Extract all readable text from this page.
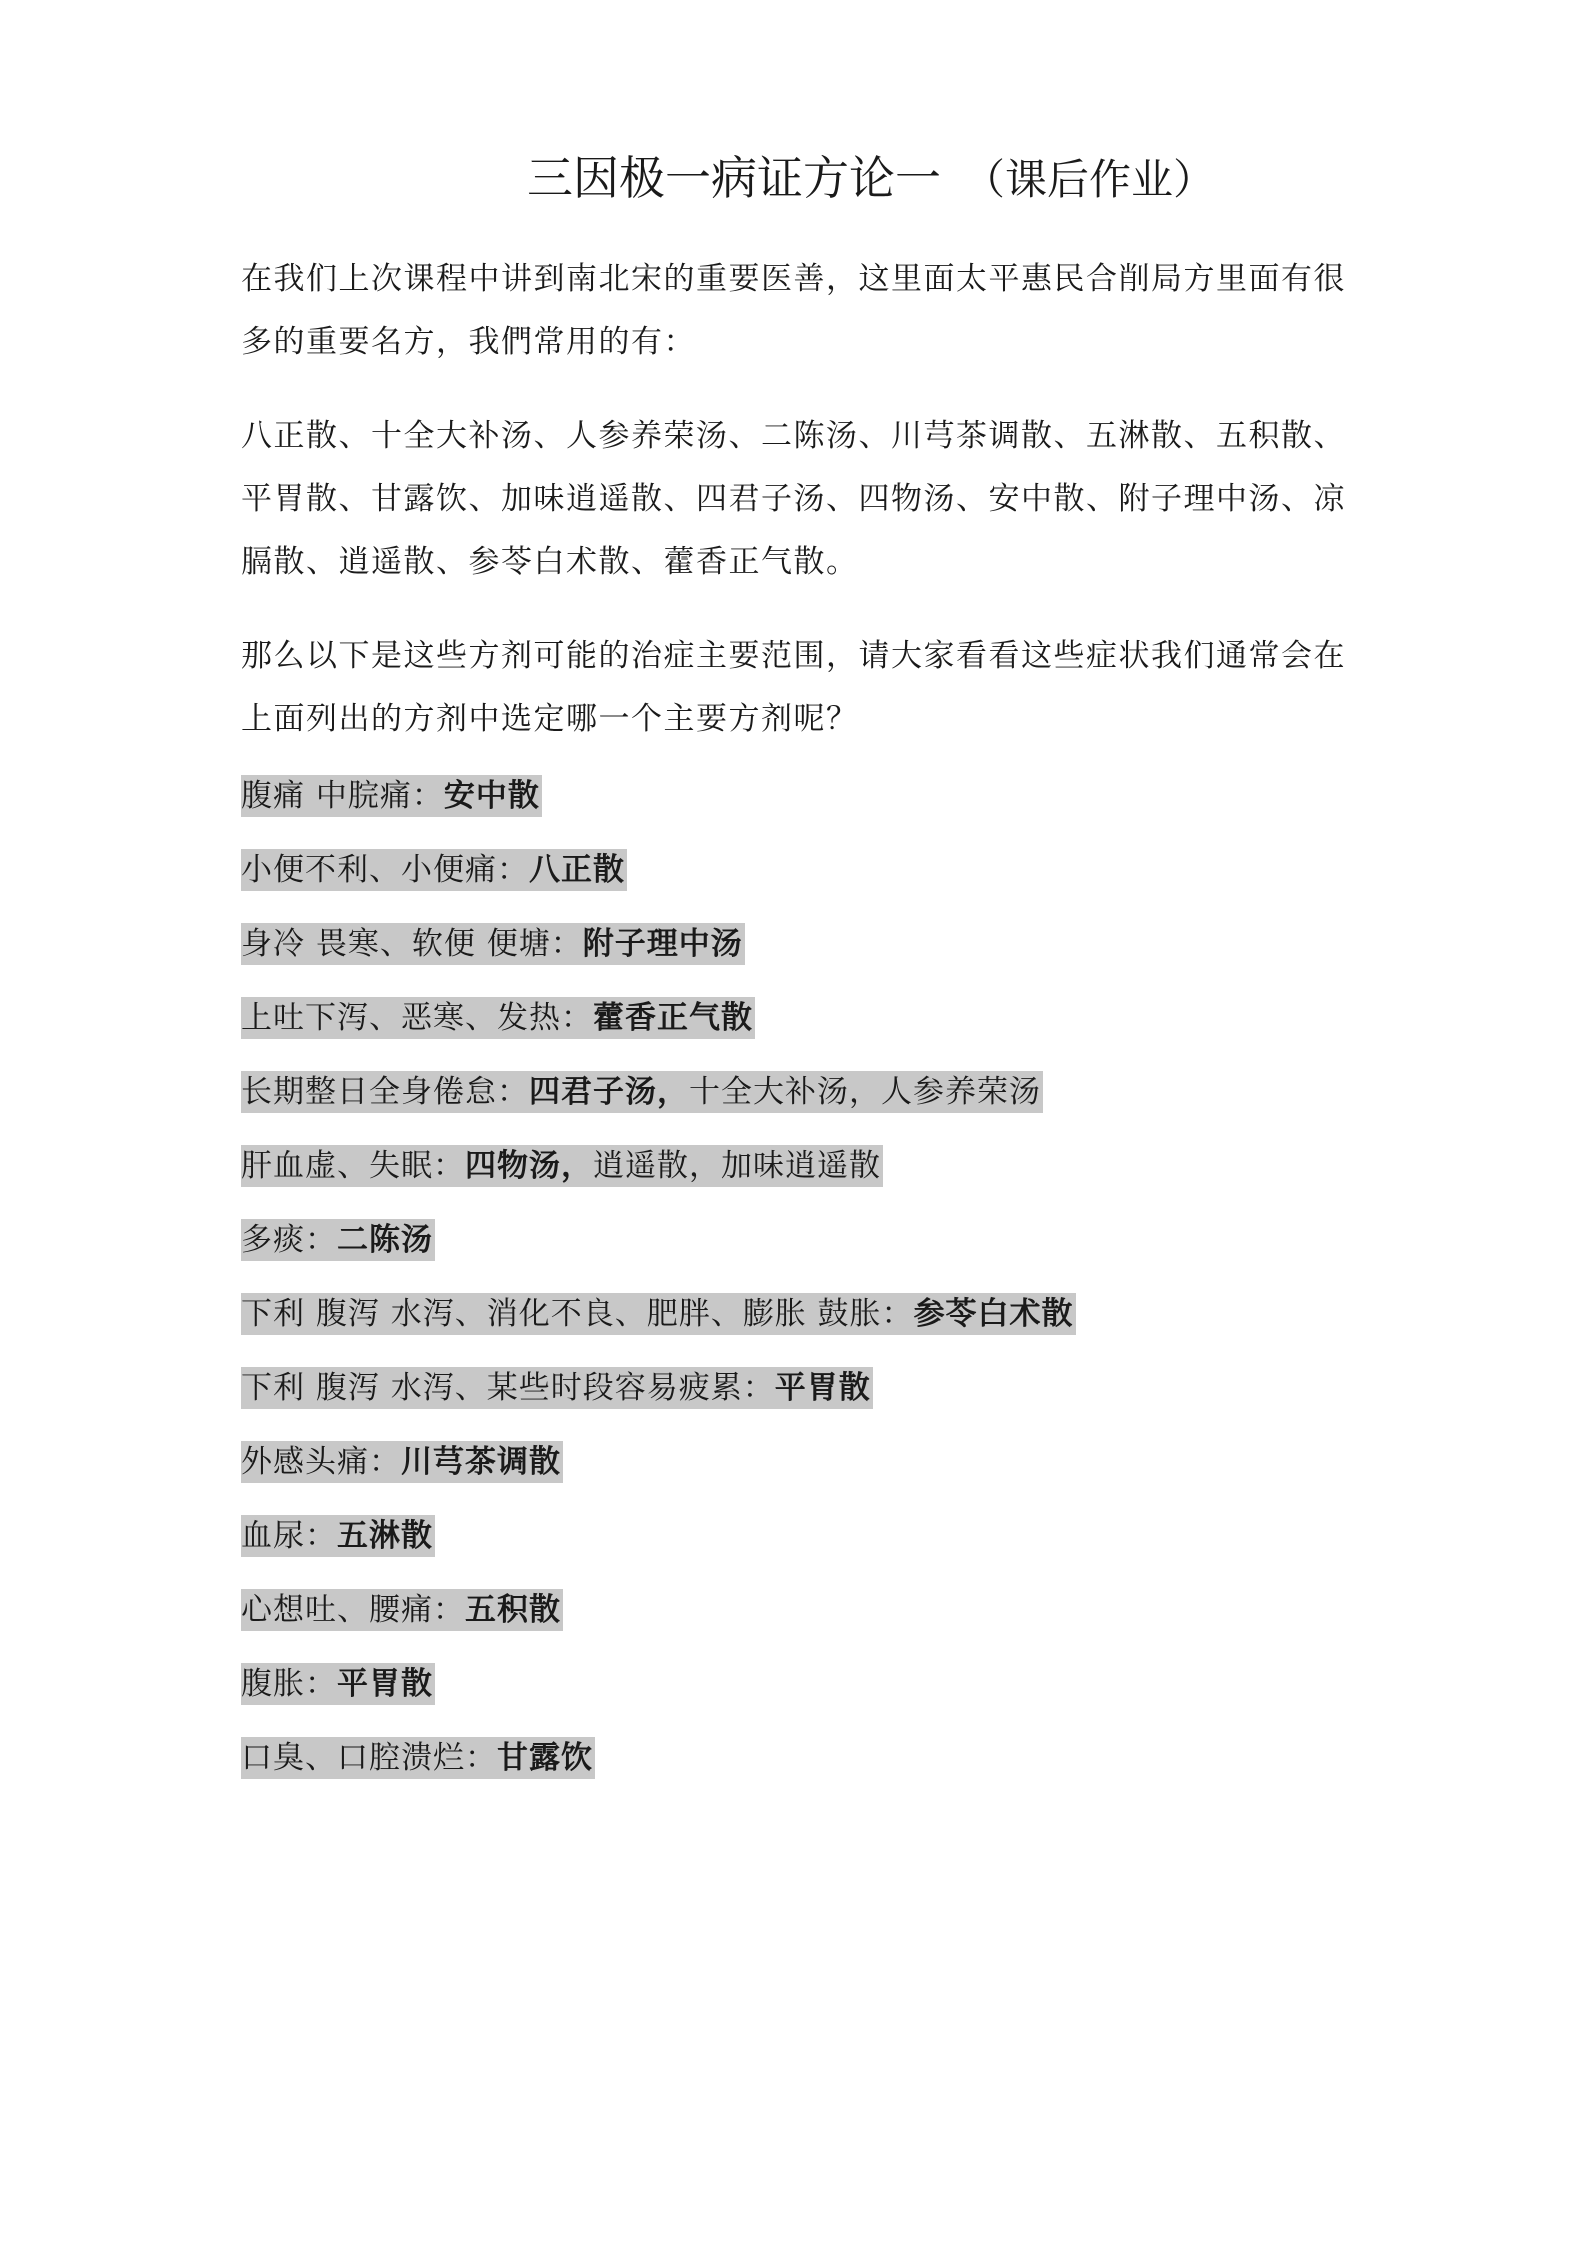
三因极一病证方论一 （课后作业）
在我们上次课程中讲到南北宋的重要医善，这里面太平惠民合削局方里面有很多的重要名方，我們常用的有：
八正散、十全大补汤、人参养荣汤、二陈汤、川芎茶调散、五淋散、五积散、平胃散、甘露饮、加味逍遥散、四君子汤、四物汤、安中散、附子理中汤、凉膈散、逍遥散、参苓白术散、藿香正气散。
那么以下是这些方剂可能的治症主要范围，请大家看看这些症状我们通常会在上面列出的方剂中选定哪一个主要方剂呢？
腹痛 中脘痛：安中散
小便不利、小便痛：八正散
身冷 畏寒、软便 便塘：附子理中汤
上吐下泻、恶寒、发热：藿香正气散
长期整日全身倦怠：四君子汤，十全大补汤，人参养荣汤
肝血虚、失眠：四物汤，逍遥散，加味逍遥散
多痰：二陈汤
下利 腹泻 水泻、消化不良、肥胖、膨胀 鼓胀：参苓白术散
下利 腹泻 水泻、某些时段容易疲累：平胃散
外感头痛：川芎茶调散
血尿：五淋散
心想吐、腰痛：五积散
腹胀：平胃散
口臭、口腔溃烂：甘露饮
